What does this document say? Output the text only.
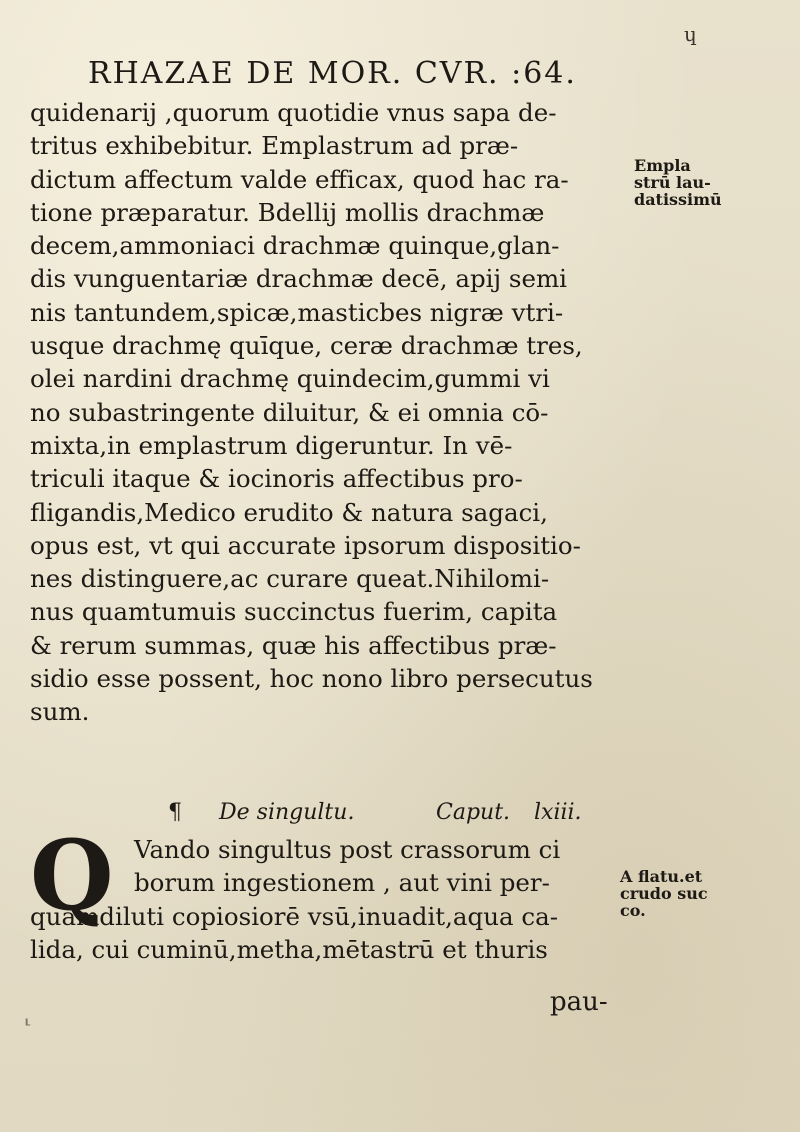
ɥ
RHAZAE DE MOR. CVR. :64.
quidenarij ,quorum quotidie vnus sapa de-
tritus exhibebitur. Emplastrum ad præ-
dictum affectum valde efficax, quod hac ra-
tione præparatur. Bdellij mollis drachmæ
decem,ammoniaci drachmæ quinque,glan-
dis vunguentariæ drachmæ decē, apij semi
nis tantundem,spicæ,masticbes nigræ vtri-
usque drachmę quīque, ceræ drachmæ tres,
olei nardini drachmę quindecim,gummi vi
no subastringente diluitur, & ei omnia cō-
mixta,in emplastrum digeruntur. In vē-
triculi itaque & iocinoris affectibus pro-
fligandis,Medico erudito & natura sagaci,
opus est, vt qui accurate ipsorum dispositio-
nes distinguere,ac curare queat.Nihilomi-
nus quamtumuis succinctus fuerim, capita
& rerum summas, quæ his affectibus præ-
sidio esse possent, hoc nono libro persecutus
sum.
Empla
strū lau-
datissimū
¶ De singultu.	Caput. lxiii.
Q Vando singultus post crassorum ci
borum ingestionem , aut vini per-
quamdiluti copiosiorē vsū,inuadit,aqua ca-
lida, cui cuminū,metha,mētastrū et thuris
A flatu.et
crudo suc
co.
pau-
⸤
